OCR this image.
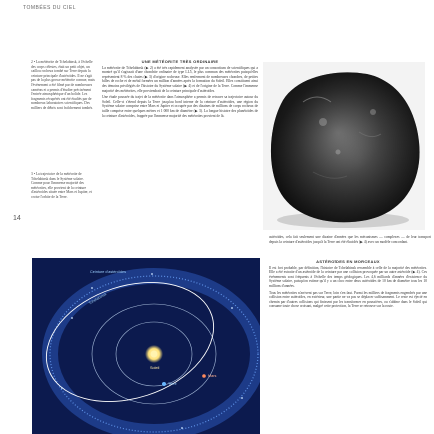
TOMBÉES DU CIEL
14

2 • La météorite de Tchelabinsk, à l'échelle des corps célestes, était un petit objet, un caillou rocheux tombé sur Terre depuis la ceinture principale d'astéroïdes. Il ne s'agit pas de la plus grosse météorite connue, mais l'événement a été filmé par de nombreuses caméras et a permis d'étudier précisément l'entrée atmosphérique d'un bolide. Les fragments récupérés ont été étudiés par de nombreux laboratoires scientifiques. Des milliers de débris sont fraîchement tombés.

3 • La trajectoire de la météorite de Tchelabinsk dans le Système solaire. Comme pour l'immense majorité des météorites, elle provient de la ceinture d'astéroïdes située entre Mars et Jupiter, et croise l'orbite de la Terre.

UNE MÉTÉORITE TRÈS ORDINAIRE

La météorite de Tchelabinsk (▶ 2) a été très rapidement analysée par un consortium de scientifiques qui a montré qu'il s'agissait d'une chondrite ordinaire de type LL5, le plus commun des météorites puisqu'elles représentent 8 % des chutes (▶ 3) d'origine rocheuse. Elles renferment de nombreuses chondres, de petites billes de roche et de métal formées un million d'années après la formation du Soleil. Elles constituent ainsi des témoins privilégiés de l'histoire du Système solaire (▶ 4) et de l'origine de la Terre. Comme l'immense majorité des météorites, elle proviendrait de la ceinture principale d'astéroïdes.

Une étude poussée du trajet de la météorite dans l'atmosphère a permis de retracer sa trajectoire autour du Soleil. Celle-ci s'étend depuis la Terre jusqu'au bord interne de la ceinture d'astéroïdes, une région du Système solaire comprise entre Mars et Jupiter et occupée par des dizaines de millions de corps rocheux de taille comprise entre quelques mètres et 1 000 km de diamètre (▶ 3). La longue histoire des planétoïdes de la ceinture d'astéroïdes, frappée par l'immense majorité des météorites provient de là.

astéroïdes, cela fait seulement une dizaine d'années que les mécanismes — complexes — de leur transport depuis la ceinture d'astéroïdes jusqu'à la Terre ont été élucidés (▶ 4) avec un modèle concordant.

ASTÉROÏDES EN MORCEAUX

Il est fort probable, par définition, l'histoire de Tchelabinsk ressemble à celle de la majorité des météorites. Elle a été extraite d'un astéroïde de la ceinture par une collision provoquée par un autre astéroïde (▶ 4). Ces événements sont fréquents à l'échelle des temps géologiques. Les 4,6 milliards d'années d'existence du Système solaire, puisqu'on estime qu'il y a un choc entre deux astéroïdes de 10 km de diamètre tous les 10 millions d'années.

Tous les météorites n'arrivent pas sur Terre, loin s'en faut. Parmi les milliers de fragments engendrés par une collision entre astéroïdes, en extérieur, une partie ne va pas se déplacer suffisamment. Le reste est éjecté en chemin par d'autres collisions qui finissent par les transformer en poussières, ou s'abîme dans le Soleil qui consume toute chose croisant, malgré cette protection, la Terre se retrouve sur la route.

Ceinture d'astéroïdes
Tchelabinsk
Soleil
Terre
Mars
